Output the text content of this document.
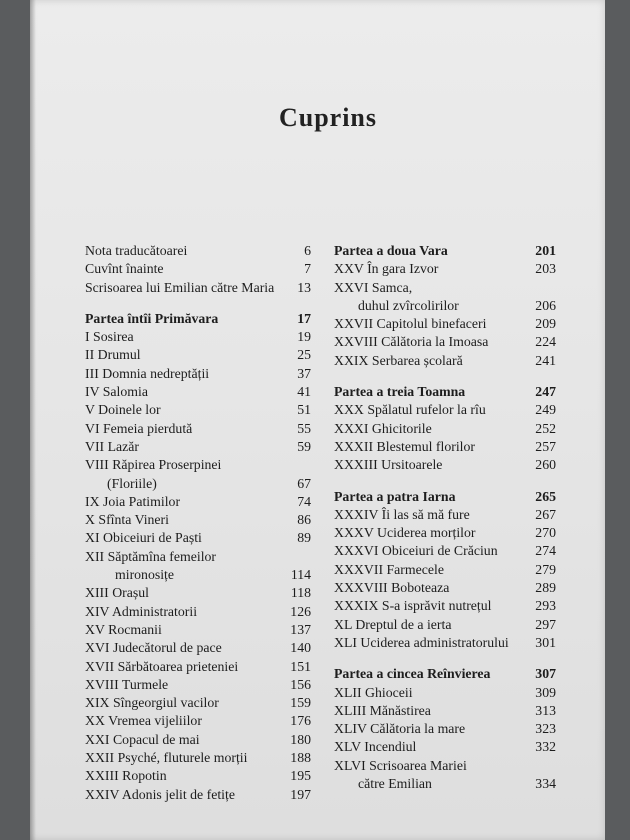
Cuprins
Nota traducătoarei	6
Cuvînt înainte	7
Scrisoarea lui Emilian către Maria	13
Partea întîi Primăvara	17
I Sosirea	19
II Drumul	25
III Domnia nedreptății	37
IV Salomia	41
V Doinele lor	51
VI Femeia pierdută	55
VII Lazăr	59
VIII Răpirea Proserpinei
(Floriile)	67
IX Joia Patimilor	74
X Sfînta Vineri	86
XI Obiceiuri de Paști	89
XII Săptămîna femeilor
mironosițe	114
XIII Orașul	118
XIV Administratorii	126
XV Rocmanii	137
XVI Judecătorul de pace	140
XVII Sărbătoarea prieteniei	151
XVIII Turmele	156
XIX Sîngeorgiul vacilor	159
XX Vremea vijeliilor	176
XXI Copacul de mai	180
XXII Psyché, fluturele morții	188
XXIII Ropotin	195
XXIV Adonis jelit de fetițe	197
Partea a doua Vara	201
XXV În gara Izvor	203
XXVI Samca,
duhul zvîrcolirilor	206
XXVII Capitolul binefaceri	209
XXVIII Călătoria la Imoasa	224
XXIX Serbarea școlară	241
Partea a treia Toamna	247
XXX Spălatul rufelor la rîu	249
XXXI Ghicitorile	252
XXXII Blestemul florilor	257
XXXIII Ursitoarele	260
Partea a patra Iarna	265
XXXIV Îi las să mă fure	267
XXXV Uciderea morților	270
XXXVI Obiceiuri de Crăciun	274
XXXVII Farmecele	279
XXXVIII Boboteaza	289
XXXIX S-a isprăvit nutrețul	293
XL Dreptul de a ierta	297
XLI Uciderea administratorului	301
Partea a cincea Reînvierea	307
XLII Ghioceii	309
XLIII Mănăstirea	313
XLIV Călătoria la mare	323
XLV Incendiul	332
XLVI Scrisoarea Mariei
către Emilian	334
